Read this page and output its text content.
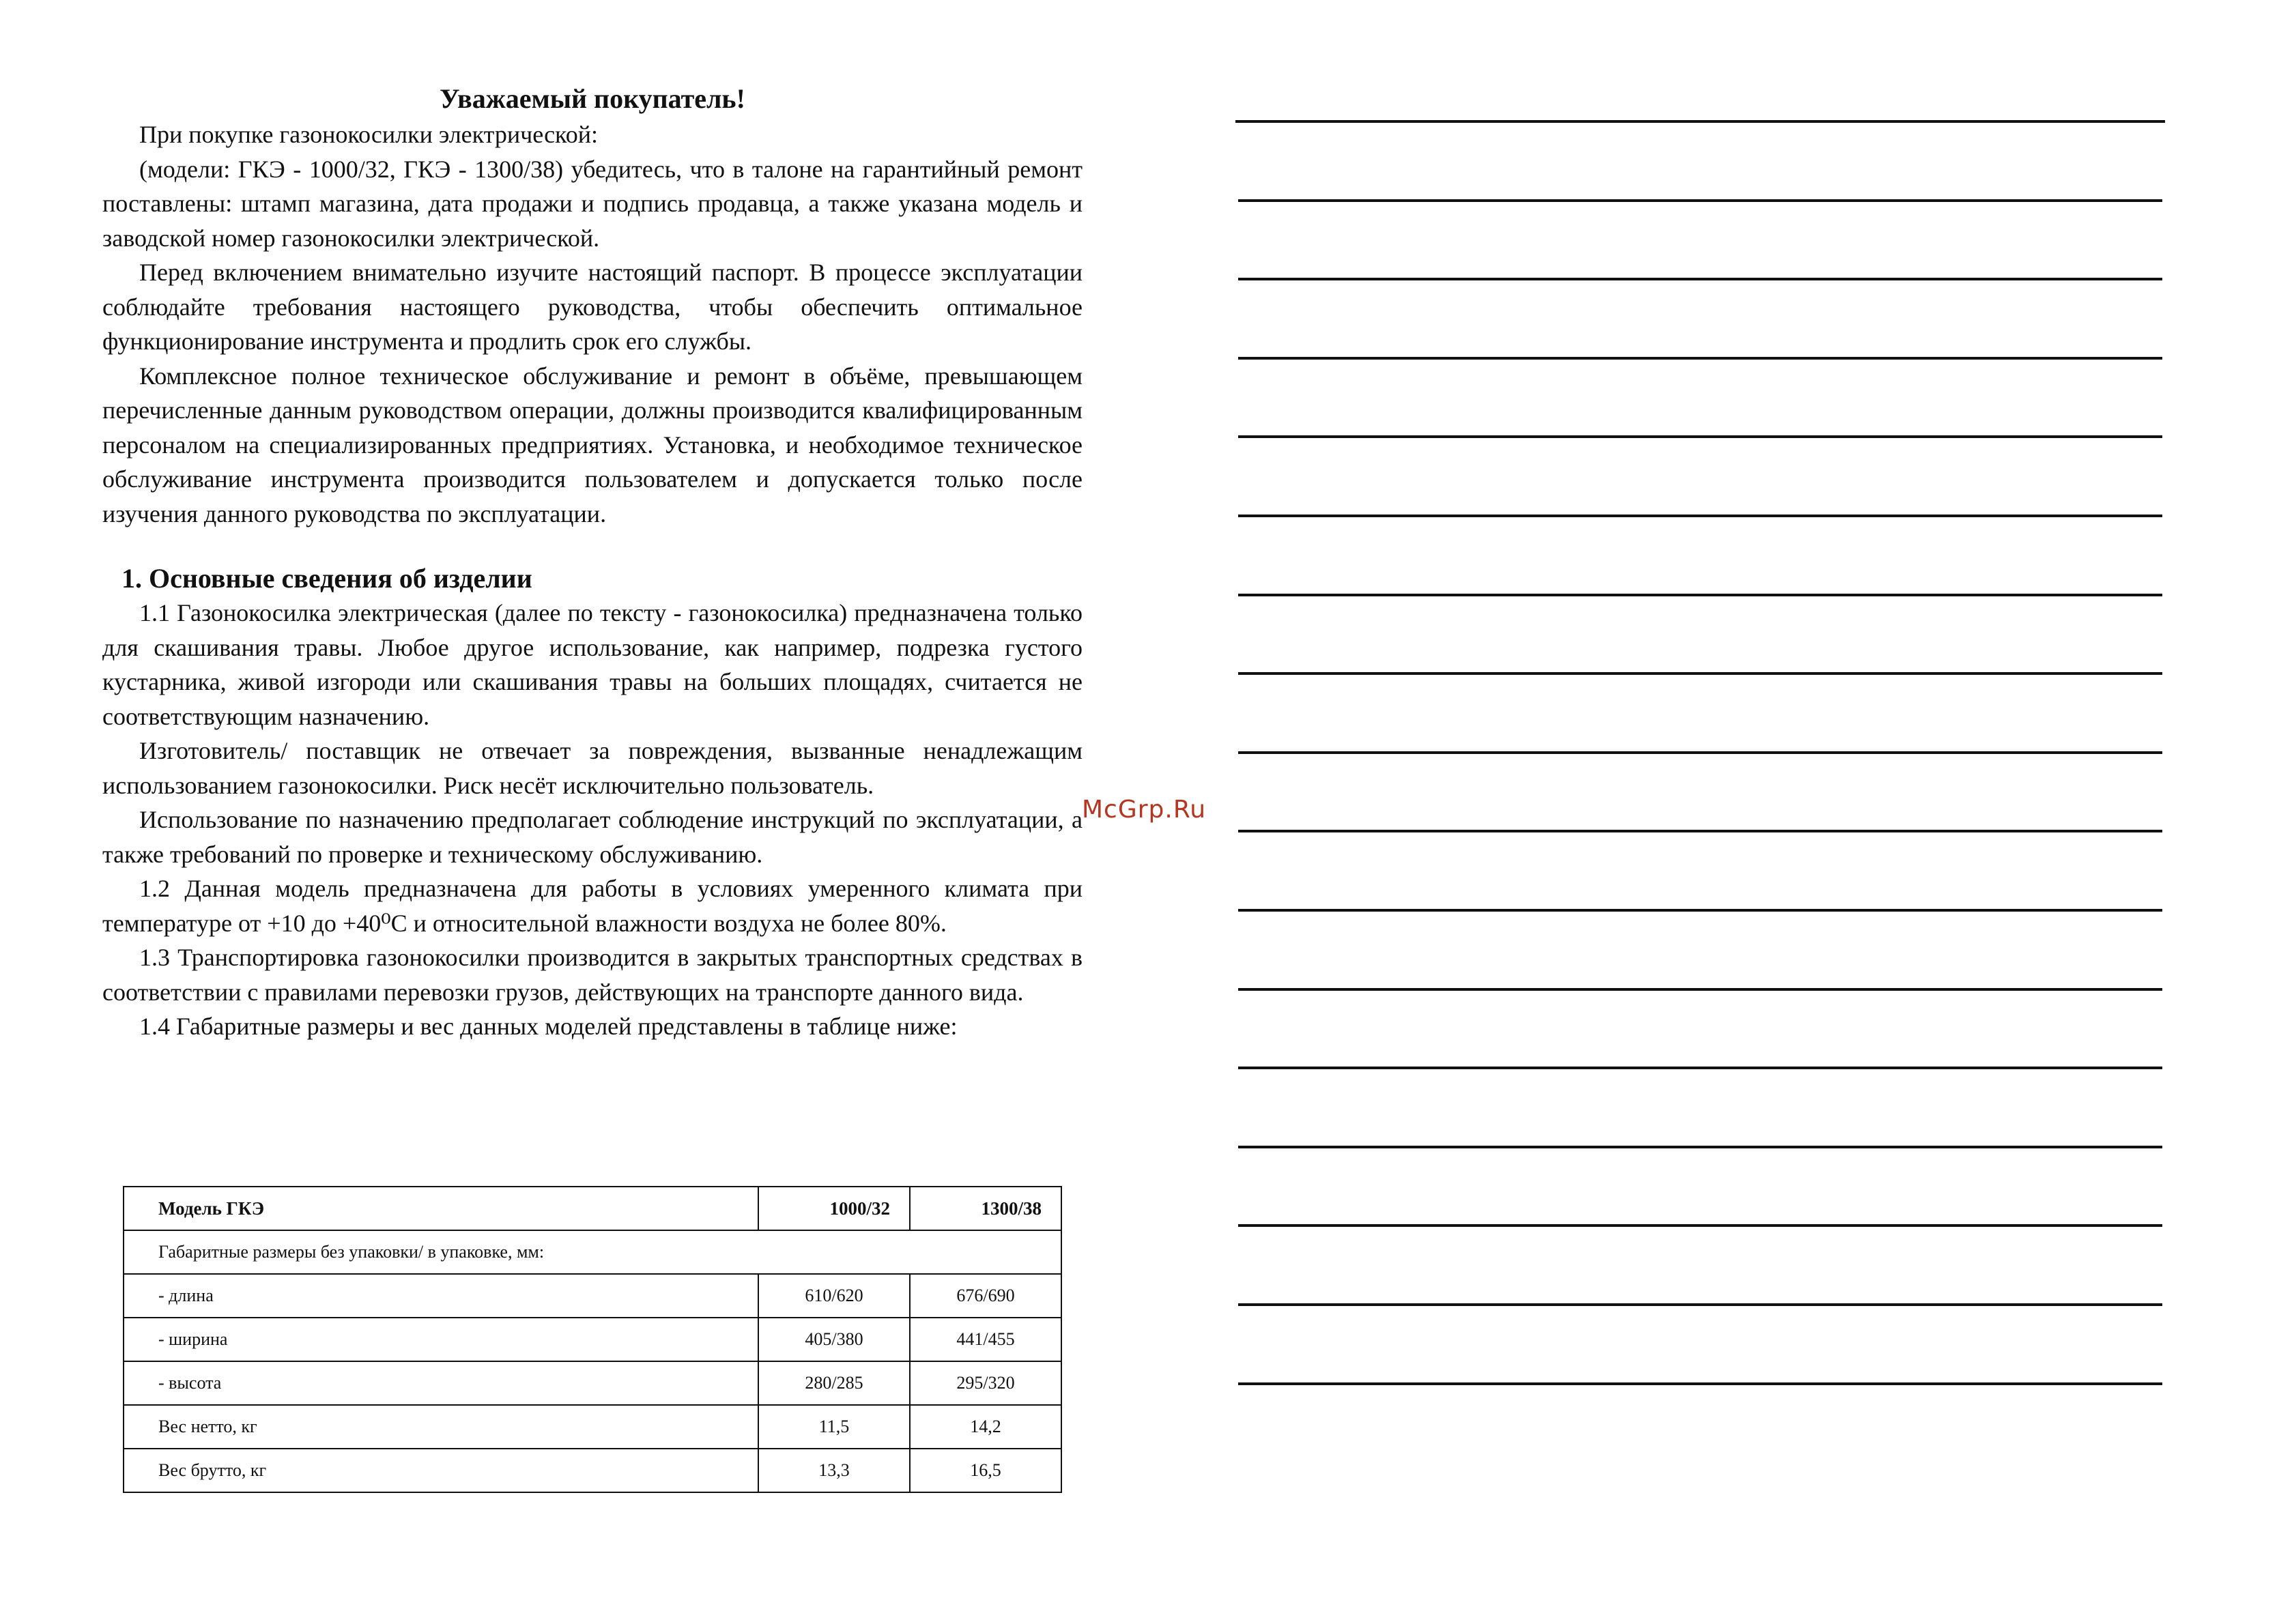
Уважаемый покупатель!

При покупке газонокосилки электрической:

(модели: ГКЭ - 1000/32, ГКЭ - 1300/38) убедитесь, что в талоне на гарантийный ремонт поставлены: штамп магазина, дата продажи и подпись продавца, а также указана модель и заводской номер газонокосилки электрической.

Перед включением внимательно изучите настоящий паспорт. В процессе эксплуатации соблюдайте требования настоящего руководства, чтобы обеспечить оптимальное функционирование инструмента и продлить срок его службы.

Комплексное полное техническое обслуживание и ремонт в объёме, превышающем перечисленные данным руководством операции, должны производится квалифицированным персоналом на специализированных предприятиях. Установка, и необходимое техническое обслуживание инструмента производится пользователем и допускается только после изучения данного руководства по эксплуатации.

1. Основные сведения об изделии

1.1 Газонокосилка электрическая (далее по тексту - газонокосилка) предназначена только для скашивания травы. Любое другое использование, как например, подрезка густого кустарника, живой изгороди или скашивания травы на больших площадях, считается не соответствующим назначению.

Изготовитель/ поставщик не отвечает за повреждения, вызванные ненадлежащим использованием газонокосилки. Риск несёт исключительно пользователь.

Использование по назначению предполагает соблюдение инструкций по эксплуатации, а также требований по проверке и техническому обслуживанию.

1.2 Данная модель предназначена для работы в условиях умеренного климата при температуре от +10 до +40⁰С и относительной влажности воздуха не более 80%.

1.3 Транспортировка газонокосилки производится в закрытых транспортных средствах в соответствии с правилами перевозки грузов, действующих на транспорте данного вида.

1.4 Габаритные размеры и вес данных моделей представлены в таблице ниже:

Модель ГКЭ	1000/32	1300/38
Габаритные размеры без упаковки/ в упаковке, мм:		
- длина	610/620	676/690
- ширина	405/380	441/455
- высота	280/285	295/320
Вес нетто, кг	11,5	14,2
Вес брутто, кг	13,3	16,5
McGrp.Ru
